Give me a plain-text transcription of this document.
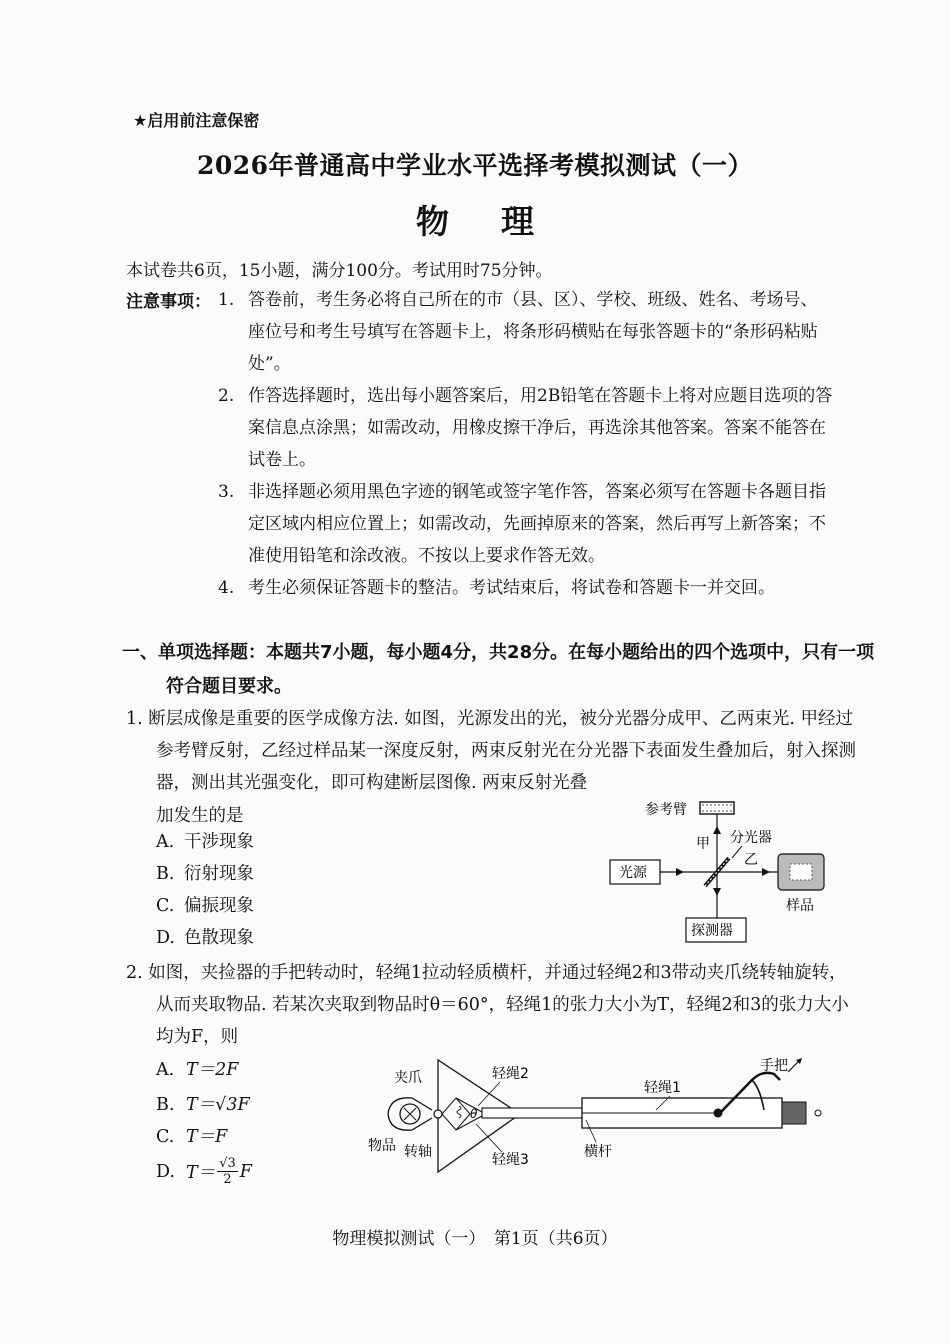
★启用前注意保密
2026年普通高中学业水平选择考模拟测试（一）
物理
本试卷共6页，15小题，满分100分。考试用时75分钟。
注意事项： 1. 答卷前，考生务必将自己所在的市（县、区）、学校、班级、姓名、考场号、座位号和考生号填写在答题卡上，将条形码横贴在每张答题卡的“条形码粘贴处”。
2. 作答选择题时，选出每小题答案后，用2B铅笔在答题卡上将对应题目选项的答案信息点涂黑；如需改动，用橡皮擦干净后，再选涂其他答案。答案不能答在试卷上。
3. 非选择题必须用黑色字迹的钢笔或签字笔作答，答案必须写在答题卡各题目指定区域内相应位置上；如需改动，先画掉原来的答案，然后再写上新答案；不准使用铅笔和涂改液。不按以上要求作答无效。
4. 考生必须保证答题卡的整洁。考试结束后，将试卷和答题卡一并交回。
一、单项选择题：本题共7小题，每小题4分，共28分。在每小题给出的四个选项中，只有一项符合题目要求。
1. 断层成像是重要的医学成像方法. 如图，光源发出的光，被分光器分成甲、乙两束光. 甲经过参考臂反射，乙经过样品某一深度反射，两束反射光在分光器下表面发生叠加后，射入探测器，测出其光强变化，即可构建断层图像. 两束反射光叠
加发生的是
A. 干涉现象
B. 衍射现象
C. 偏振现象
D. 色散现象
参考臂
甲 分光器
光源
乙
样品
探测器
2. 如图，夹捡器的手把转动时，轻绳1拉动轻质横杆，并通过轻绳2和3带动夹爪绕转轴旋转，从而夹取物品. 若某次夹取到物品时θ＝60°，轻绳1的张力大小为T，轻绳2和3的张力大小均为F，则
A. T＝2F
B. T＝√3F
C. T＝F
D. T＝ √3
2 F
夹爪	轻绳2
轻绳1
手把
θ
物品 转轴	轻绳3	横杆
物理模拟测试（一）　第1页（共6页）
